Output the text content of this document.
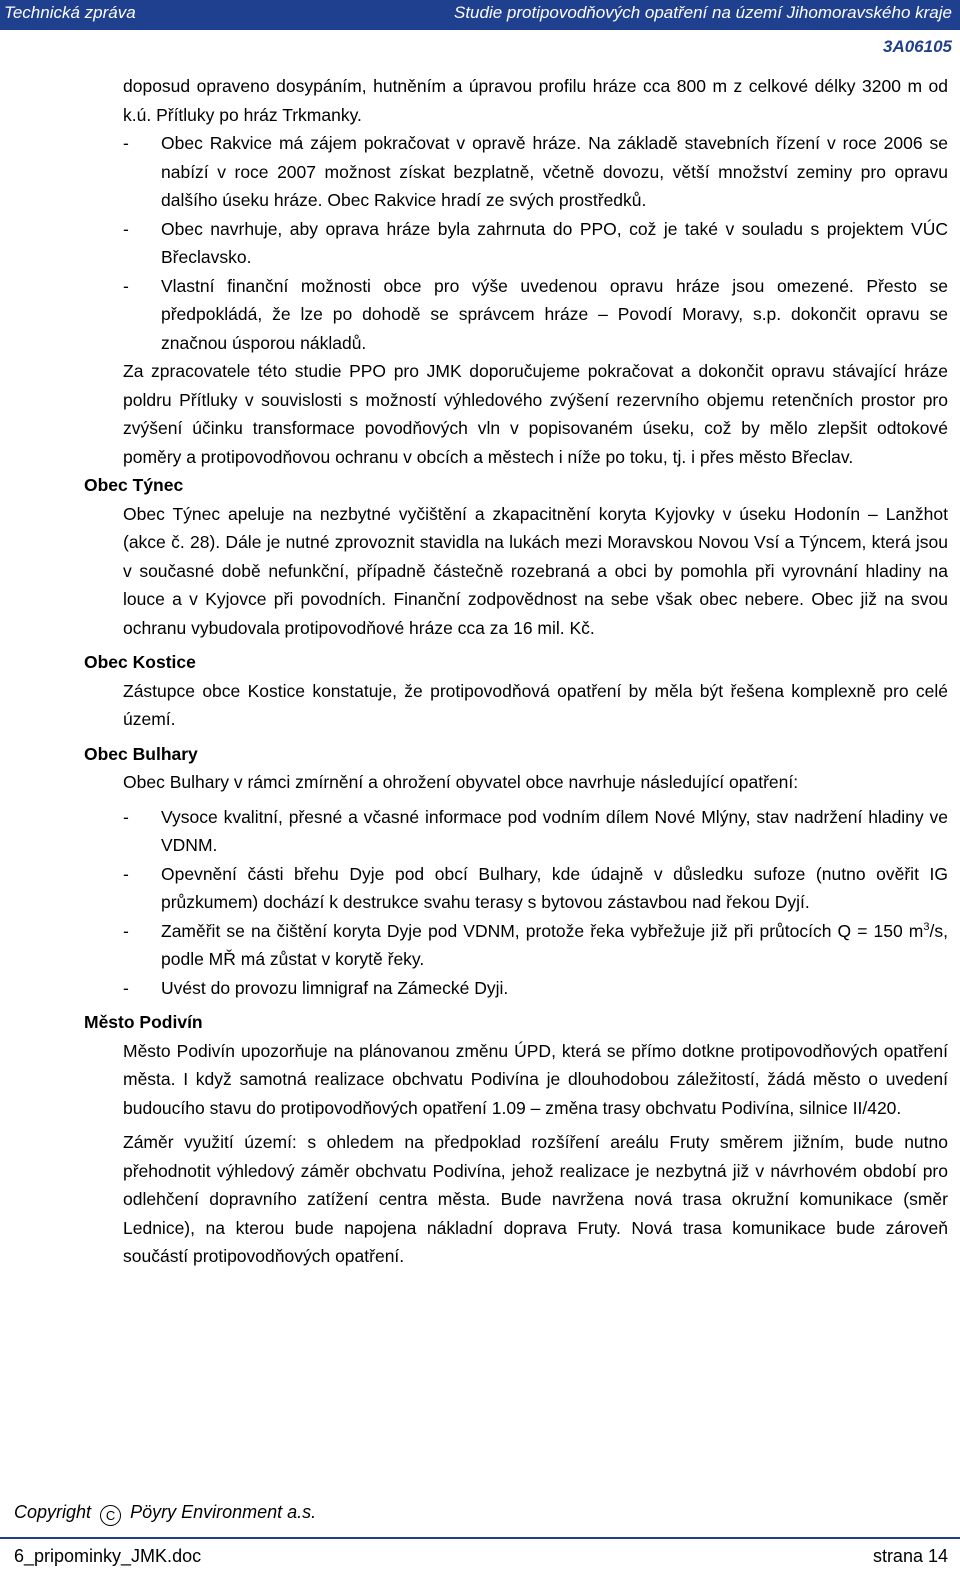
Technická zpráva	Studie protipovodňových opatření na území Jihomoravského kraje
3A06105

doposud opraveno dosypáním, hutněním a úpravou profilu hráze cca 800 m z celkové délky 3200 m od k.ú. Přítluky po hráz Trkmanky.

- Obec Rakvice má zájem pokračovat v opravě hráze. Na základě stavebních řízení v roce 2006 se nabízí v roce 2007 možnost získat bezplatně, včetně dovozu, větší množství zeminy pro opravu dalšího úseku hráze. Obec Rakvice hradí ze svých prostředků.
- Obec navrhuje, aby oprava hráze byla zahrnuta do PPO, což je také v souladu s projektem VÚC Břeclavsko.
- Vlastní finanční možnosti obce pro výše uvedenou opravu hráze jsou omezené. Přesto se předpokládá, že lze po dohodě se správcem hráze – Povodí Moravy, s.p. dokončit opravu se značnou úsporou nákladů.

Za zpracovatele této studie PPO pro JMK doporučujeme pokračovat a dokončit opravu stávající hráze poldru Přítluky v souvislosti s možností výhledového zvýšení rezervního objemu retenčních prostor pro zvýšení účinku transformace povodňových vln v popisovaném úseku, což by mělo zlepšit odtokové poměry a protipovodňovou ochranu v obcích a městech i níže po toku, tj. i přes město Břeclav.

Obec Týnec

Obec Týnec apeluje na nezbytné vyčištění a zkapacitnění koryta Kyjovky v úseku Hodonín – Lanžhot (akce č. 28). Dále je nutné zprovoznit stavidla na lukách mezi Moravskou Novou Vsí a Týncem, která jsou v současné době nefunkční, případně částečně rozebraná a obci by pomohla při vyrovnání hladiny na louce a v Kyjovce při povodních. Finanční zodpovědnost na sebe však obec nebere. Obec již na svou ochranu vybudovala protipovodňové hráze cca za 16 mil. Kč.

Obec Kostice

Zástupce obce Kostice konstatuje, že protipovodňová opatření by měla být řešena komplexně pro celé území.

Obec Bulhary

Obec Bulhary v rámci zmírnění a ohrožení obyvatel obce navrhuje následující opatření:

- Vysoce kvalitní, přesné a včasné informace pod vodním dílem Nové Mlýny, stav nadržení hladiny ve VDNM.
- Opevnění části břehu Dyje pod obcí Bulhary, kde údajně v důsledku sufoze (nutno ověřit IG průzkumem) dochází k destrukce svahu terasy s bytovou zástavbou nad řekou Dyjí.
- Zaměřit se na čištění koryta Dyje pod VDNM, protože řeka vybřežuje již při průtocích Q = 150 $m^3/s$, podle MŘ má zůstat v korytě řeky.
- Uvést do provozu limnigraf na Zámecké Dyji.

Město Podivín

Město Podivín upozorňuje na plánovanou změnu ÚPD, která se přímo dotkne protipovodňových opatření města. I když samotná realizace obchvatu Podivína je dlouhodobou záležitostí, žádá město o uvedení budoucího stavu do protipovodňových opatření 1.09 – změna trasy obchvatu Podivína, silnice II/420.

Záměr využití území: s ohledem na předpoklad rozšíření areálu Fruty směrem jižním, bude nutno přehodnotit výhledový záměr obchvatu Podivína, jehož realizace je nezbytná již v návrhovém období pro odlehčení dopravního zatížení centra města. Bude navržena nová trasa okružní komunikace (směr Lednice), na kterou bude napojena nákladní doprava Fruty. Nová trasa komunikace bude zároveň součástí protipovodňových opatření.

Copyright C Pöyry Environment a.s.
6_pripominky_JMK.doc	strana 14
